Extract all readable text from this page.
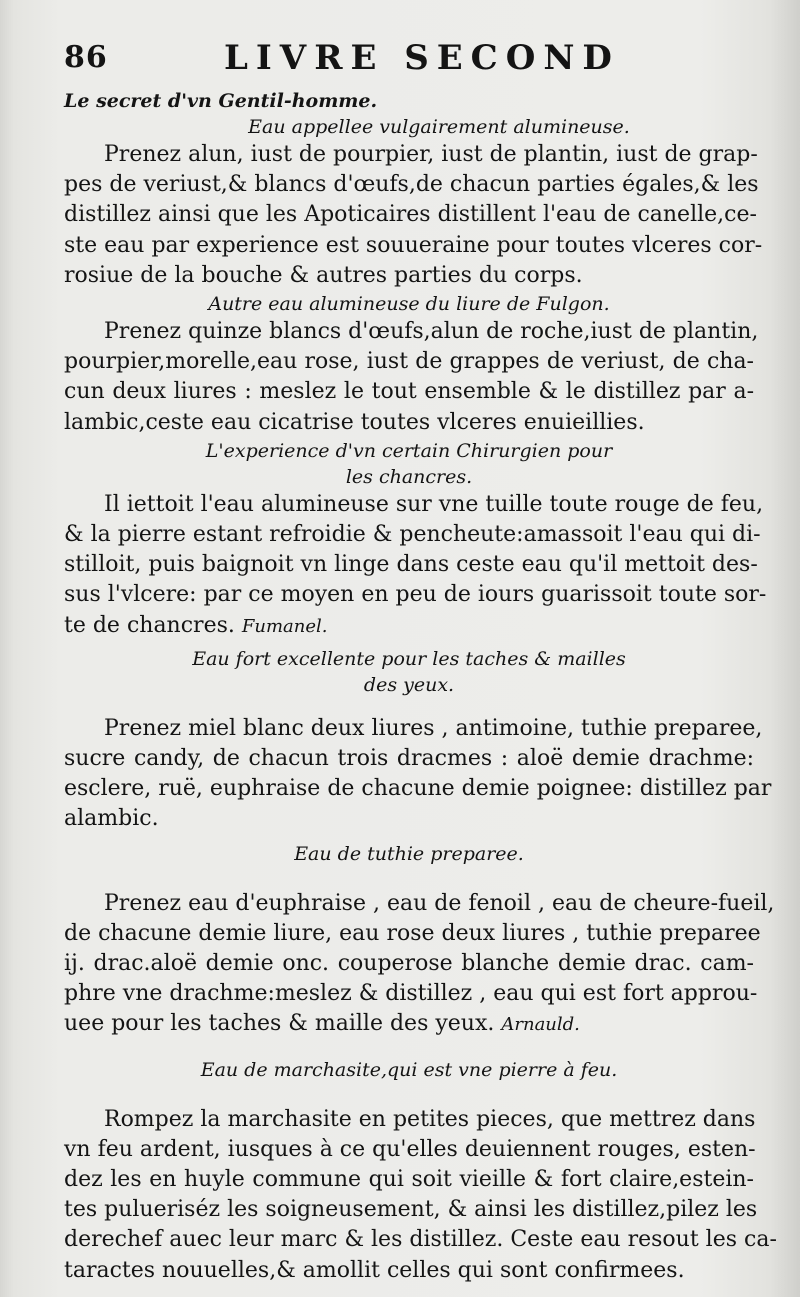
86	LIVRE SECOND
Le secret d'vn Gentil-homme.
Eau appellee vulgairement alumineuse.

Prenez alun, iust de pourpier, iust de plantin, iust de grap-

pes de veriust,& blancs d'œufs,de chacun parties égales,& les

distillez ainsi que les Apoticaires distillent l'eau de canelle,ce-

ste eau par experience est souueraine pour toutes vlceres cor-

rosiue de la bouche & autres parties du corps.

Autre eau alumineuse du liure de Fulgon.

Prenez quinze blancs d'œufs,alun de roche,iust de plantin,

pourpier,morelle,eau rose, iust de grappes de veriust, de cha-

cun deux liures : meslez le tout ensemble & le distillez par a-

lambic,ceste eau cicatrise toutes vlceres enuieillies.

L'experience d'vn certain Chirurgien pour
les chancres.

Il iettoit l'eau alumineuse sur vne tuille toute rouge de feu,

& la pierre estant refroidie & pencheute:amassoit l'eau qui di-

stilloit, puis baignoit vn linge dans ceste eau qu'il mettoit des-

sus l'vlcere: par ce moyen en peu de iours guarissoit toute sor-

te de chancres. Fumanel.

Eau fort excellente pour les taches & mailles
des yeux.

Prenez miel blanc deux liures , antimoine, tuthie preparee,

sucre candy, de chacun trois dracmes : aloë demie drachme:

esclere, ruë, euphraise de chacune demie poignee: distillez par

alambic.

Eau de tuthie preparee.

Prenez eau d'euphraise , eau de fenoil , eau de cheure-fueil,

de chacune demie liure, eau rose deux liures , tuthie preparee

ij. drac.aloë demie onc. couperose blanche demie drac. cam-

phre vne drachme:meslez & distillez , eau qui est fort approu-

uee pour les taches & maille des yeux. Arnauld.

Eau de marchasite,qui est vne pierre à feu.

Rompez la marchasite en petites pieces, que mettrez dans

vn feu ardent, iusques à ce qu'elles deuiennent rouges, esten-

dez les en huyle commune qui soit vieille & fort claire,estein-

tes pulueriséz les soigneusement, & ainsi les distillez,pilez les

derechef auec leur marc & les distillez. Ceste eau resout les ca-

taractes nouuelles,& amollit celles qui sont confirmees.
